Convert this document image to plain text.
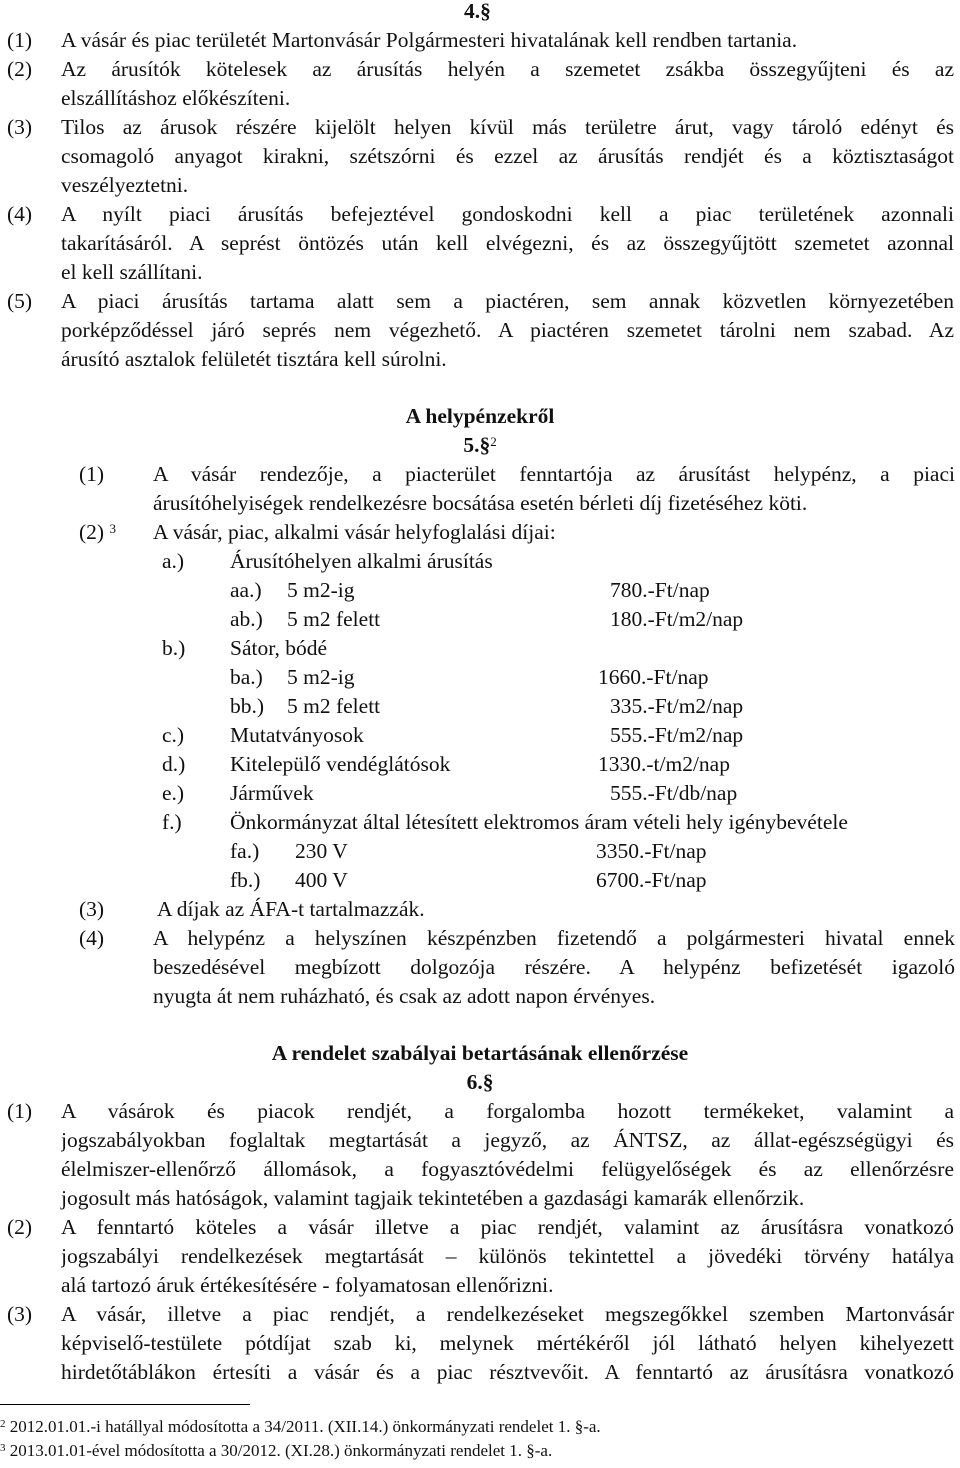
4.§
(1) A vásár és piac területét Martonvásár Polgármesteri hivatalának kell rendben tartania.
(2) Az árusítók kötelesek az árusítás helyén a szemetet zsákba összegyűjteni és az
elszállításhoz előkészíteni.
(3) Tilos az árusok részére kijelölt helyen kívül más területre árut, vagy tároló edényt és
csomagoló anyagot kirakni, szétszórni és ezzel az árusítás rendjét és a köztisztaságot
veszélyeztetni.
(4) A nyílt piaci árusítás befejeztével gondoskodni kell a piac területének azonnali
takarításáról. A seprést öntözés után kell elvégezni, és az összegyűjtött szemetet azonnal
el kell szállítani.
(5) A piaci árusítás tartama alatt sem a piactéren, sem annak közvetlen környezetében
porképződéssel járó seprés nem végezhető. A piactéren szemetet tárolni nem szabad. Az
árusító asztalok felületét tisztára kell súrolni.
A helypénzekről
5.§$^2$
(1) A vásár rendezője, a piacterület fenntartója az árusítást helypénz, a piaci
árusítóhelyiségek rendelkezésre bocsátása esetén bérleti díj fizetéséhez köti.
(2) $^3$ A vásár, piac, alkalmi vásár helyfoglalási díjai:
a.) Árusítóhelyen alkalmi árusítás
aa.) 5 m2-ig	780.-Ft/nap
ab.) 5 m2 felett	180.-Ft/m2/nap
b.) Sátor, bódé
ba.) 5 m2-ig	1660.-Ft/nap
bb.) 5 m2 felett	335.-Ft/m2/nap
c.) Mutatványosok	555.-Ft/m2/nap
d.) Kitelepülő vendéglátósok	1330.-t/m2/nap
e.) Járművek	555.-Ft/db/nap
f.) Önkormányzat által létesített elektromos áram vételi hely igénybevétele
fa.) 230 V	3350.-Ft/nap
fb.) 400 V	6700.-Ft/nap
(3) A díjak az ÁFA-t tartalmazzák.
(4) A helypénz a helyszínen készpénzben fizetendő a polgármesteri hivatal ennek
beszedésével megbízott dolgozója részére. A helypénz befizetését igazoló
nyugta át nem ruházható, és csak az adott napon érvényes.
A rendelet szabályai betartásának ellenőrzése
6.§
(1) A vásárok és piacok rendjét, a forgalomba hozott termékeket, valamint a
jogszabályokban foglaltak megtartását a jegyző, az ÁNTSZ, az állat-egészségügyi és
élelmiszer-ellenőrző állomások, a fogyasztóvédelmi felügyelőségek és az ellenőrzésre
jogosult más hatóságok, valamint tagjaik tekintetében a gazdasági kamarák ellenőrzik.
(2) A fenntartó köteles a vásár illetve a piac rendjét, valamint az árusításra vonatkozó
jogszabályi rendelkezések megtartását – különös tekintettel a jövedéki törvény hatálya
alá tartozó áruk értékesítésére - folyamatosan ellenőrizni.
(3) A vásár, illetve a piac rendjét, a rendelkezéseket megszegőkkel szemben Martonvásár
képviselő-testülete pótdíjat szab ki, melynek mértékéről jól látható helyen kihelyezett
hirdetőtáblákon értesíti a vásár és a piac résztvevőit. A fenntartó az árusításra vonatkozó
$^2$ 2012.01.01.-i hatállyal módosította a 34/2011. (XII.14.) önkormányzati rendelet 1. §-a.
$^3$ 2013.01.01-ével módosította a 30/2012. (XI.28.) önkormányzati rendelet 1. §-a.
